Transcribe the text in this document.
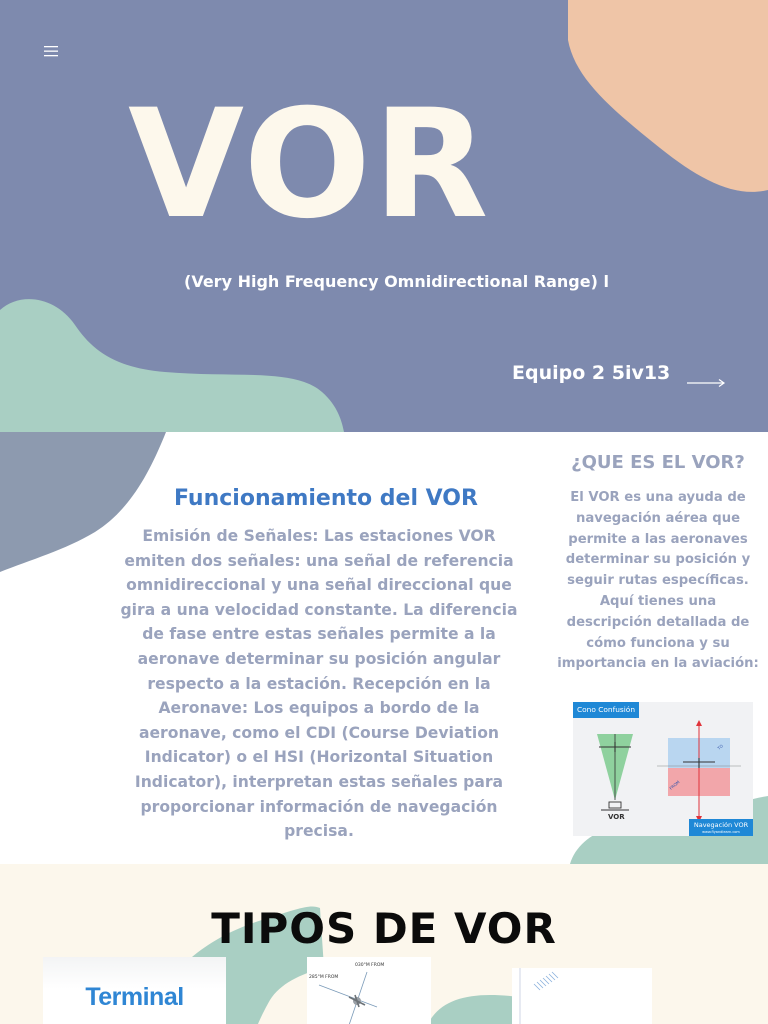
VOR
(Very High Frequency Omnidirectional Range) l
Equipo 2 5iv13
Funcionamiento del VOR

Emisión de Señales: Las estaciones VOR emiten dos señales: una señal de referencia omnidireccional y una señal direccional que gira a una velocidad constante. La diferencia de fase entre estas señales permite a la aeronave determinar su posición angular respecto a la estación. Recepción en la Aeronave: Los equipos a bordo de la aeronave, como el CDI (Course Deviation Indicator) o el HSI (Horizontal Situation Indicator), interpretan estas señales para proporcionar información de navegación precisa.

¿QUE ES EL VOR?

El VOR es una ayuda de navegación aérea que permite a las aeronaves determinar su posición y seguir rutas específicas. Aquí tienes una descripción detallada de cómo funciona y su importancia en la aviación:

TO
FROM
Cono Confusión
VOR
Navegación VOR
www.flyandlearn.com
TIPOS DE VOR
Terminal
030°M FROM
285°M FROM
